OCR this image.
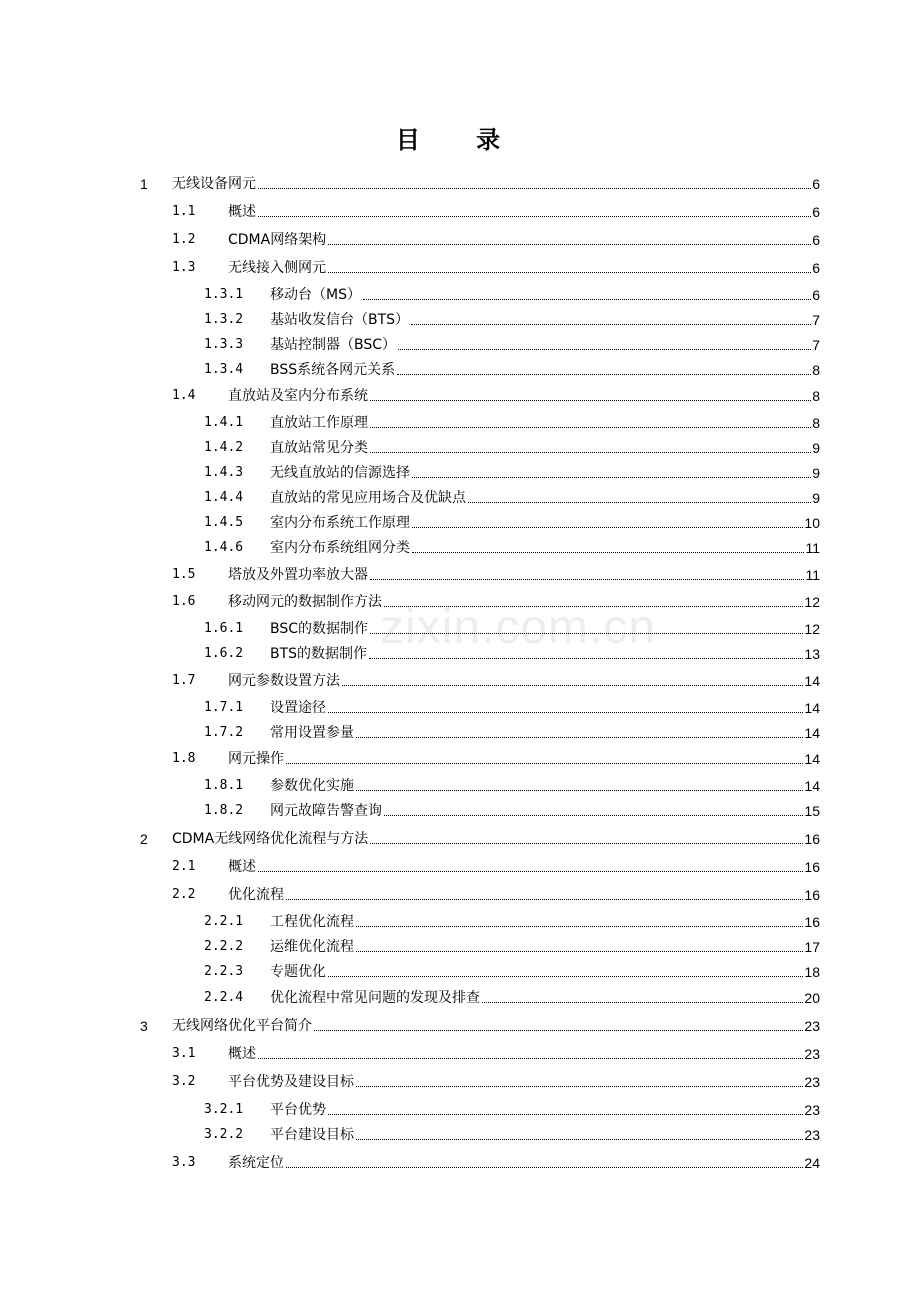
目 录
zixin.com.cn
1 无线设备网元	6
1.1 概述	6
1.2 CDMA网络架构	6
1.3 无线接入侧网元	6
1.3.1 移动台（MS）	6
1.3.2 基站收发信台（BTS）	7
1.3.3 基站控制器（BSC）	7
1.3.4 BSS系统各网元关系	8
1.4 直放站及室内分布系统	8
1.4.1 直放站工作原理	8
1.4.2 直放站常见分类	9
1.4.3 无线直放站的信源选择	9
1.4.4 直放站的常见应用场合及优缺点	9
1.4.5 室内分布系统工作原理	10
1.4.6 室内分布系统组网分类	11
1.5 塔放及外置功率放大器	11
1.6 移动网元的数据制作方法	12
1.6.1 BSC的数据制作	12
1.6.2 BTS的数据制作	13
1.7 网元参数设置方法	14
1.7.1 设置途径	14
1.7.2 常用设置参量	14
1.8 网元操作	14
1.8.1 参数优化实施	14
1.8.2 网元故障告警查询	15
2 CDMA无线网络优化流程与方法	16
2.1 概述	16
2.2 优化流程	16
2.2.1 工程优化流程	16
2.2.2 运维优化流程	17
2.2.3 专题优化	18
2.2.4 优化流程中常见问题的发现及排查	20
3 无线网络优化平台简介	23
3.1 概述	23
3.2 平台优势及建设目标	23
3.2.1 平台优势	23
3.2.2 平台建设目标	23
3.3 系统定位	24
